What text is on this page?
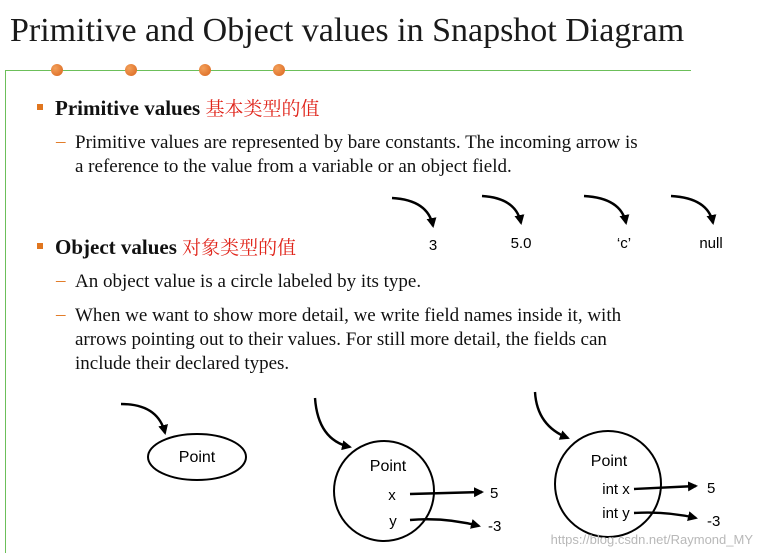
Primitive and Object values in Snapshot Diagram
Primitive values 基本类型的值
– Primitive values are represented by bare constants. The incoming arrow is
a reference to the value from a variable or an object field.
Object values 对象类型的值
– An object value is a circle labeled by its type.
– When we want to show more detail, we write field names inside it, with
arrows pointing out to their values. For still more detail, the fields can
include their declared types.
3	5.0	‘c’	null
Point
Point
x
y
5
-3
Point
int x
int y
5
-3
https://blog.csdn.net/Raymond_MY
